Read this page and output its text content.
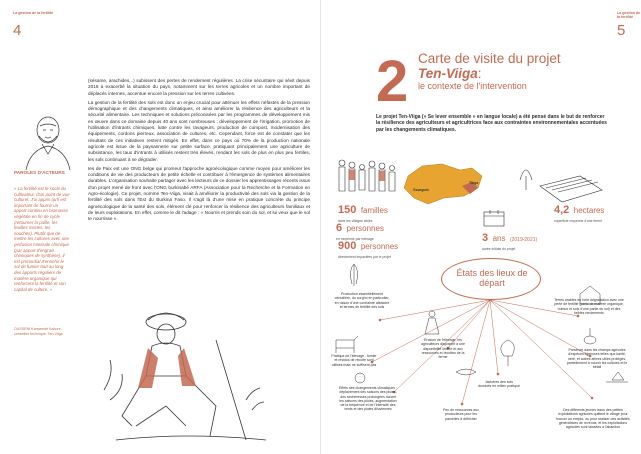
La gestion de la fertilité	La gestion de la fertilité
4	5
PAROLES D'ACTEURS
« La fertilité est le socle du cultivateur, d'un point de vue culturel. J'ai appris qu'il est important de fournir un apport continu en biomasse végétale en fin de cycle (retourner la paille, les feuilles mortes, les souches). Plutôt que de mettre les cultures avec une perfusion minérale chimique (par apport d'engrais chimiques de synthèse), il est primordial d'enrichir le sol de fumier tout au long des apports réguliers de matière organique qui renforcent la fertilité et son capital de culture. »
OUSSENI Kanwendé Kaboré, conseiller technique, Ten-Viiga

(sésame, arachides,..) subissent des pertes de rendement régulières. La crise sécuritaire qui sévit depuis 2016 a exacerbé la situation du pays, notamment sur les terres agricoles et un nombre important de déplacés internes, accentue encore la pression sur les terres cultivées.

La gestion de la fertilité des sols est donc un enjeu crucial pour atténuer les effets néfastes de la pression démographique et des changements climatiques, et ainsi améliorer la résilience des agriculteurs et la sécurité alimentaire. Les techniques et solutions préconisées par les programmes de développement mis en œuvre dans ce domaine depuis 40 ans sont nombreuses : développement de l'irrigation, promotion de l'utilisation d'intrants chimiques, lutte contre les ravageurs, production de compost, modernisation des équipements, cordons pierreux, association de cultures, etc. Cependant, force est de constater que les résultats de ces initiatives restent mitigés. En effet, dans ce pays où 70% de la production nationale agricole est issue de la paysannerie sur petite surface, pratiquant principalement une agriculture de subsistance, les taux d'intrants à utilisés restent très élevés, rendant les sols de plus en plus peu fertiles, les sols continuant à se dégrader.

Ies de Paix est une ONG belge qui promeut l'approche agroécologique comme moyen pour améliorer les conditions de vie des producteurs de petite échelle et contribuer à l'émergence de systèmes alimentaires durables. L'organisation souhaite partager avec les lecteurs de ce dossier les apprentissages récents issus d'un projet mené de front avec l'ONG burkinabé ARFA (Association pour la Recherche et la Formation en Agro-écologie). Ce projet, nommé Ten-Viiga, visait à améliorer la productivité des sols via la gestion de la fertilité des sols dans l'Est du Burkina Faso. Il s'agit là d'une mise en pratique concrète du principe agroécologique de la santé des sols, élément clé pour renforcer la résilience des agriculteurs familiaux et de leurs exploitations. En effet, comme le dit l'adage : « Nourris et prends soin du sol, et lui veux que le sol te nourrisse ».

2 Carte de visite du projet Ten-Viiga:
le contexte de l'intervention
Le projet Ten-Viiga (« Se lever ensemble » en langue locale) a été pensé dans le but de renforcer la résilience des agriculteurs et agricultrices face aux contraintes environnementales accentuées par les changements climatiques.
150 familles
dans les villages ciblés
6 personnes
en moyenne par ménage
900 personnes
directement impactées par le projet
4,2 hectares
superficie moyenne d'une ferme
3 ans (2019-2021)
durée initiale du projet
Gourguin
Tibga
États des lieux de départ
Production essentiellement céréalière, du sorgho en particulier, en raison d'une contrainte aléatoire et termes de fertilité des sols
Pratique de l'élevage : fumier et résidus de récolte sont utilisés mais ne suffisent pas
Effets des changements climatiques : déplacement des saisons des pluies, des sécheresses prolongées durant les saisons des pluies, augmentation de la fréquence et de l'intensité des vents et des pluies diluviennes
Érosion de l'élevage, les agriculteurs disposent à une disponibilité limitée et aux ressources et récoltes de la ferme
Peu de ressources aux producteurs pour les parcelles à défricher
Jachères des sols dominés en milieu pratiqué
Terres arables en forte dégradation avec une perte de fertilité (perte de matière organique, humus et sols d'une partie du sol) et des faibles rendements
Présence dans les champs agricoles d'espèces ligneuses telles que karité, néré, et autres arbres utiles protégés, partiellement à nourrir les cultures et le bétail
Des différents jeunes issus des petites exploitations agricoles quittent le village pour trouver un emploi, ou pour réaliser des activités génératrices de revenus, et les exploitations agricoles sont laissées à l'abandon
